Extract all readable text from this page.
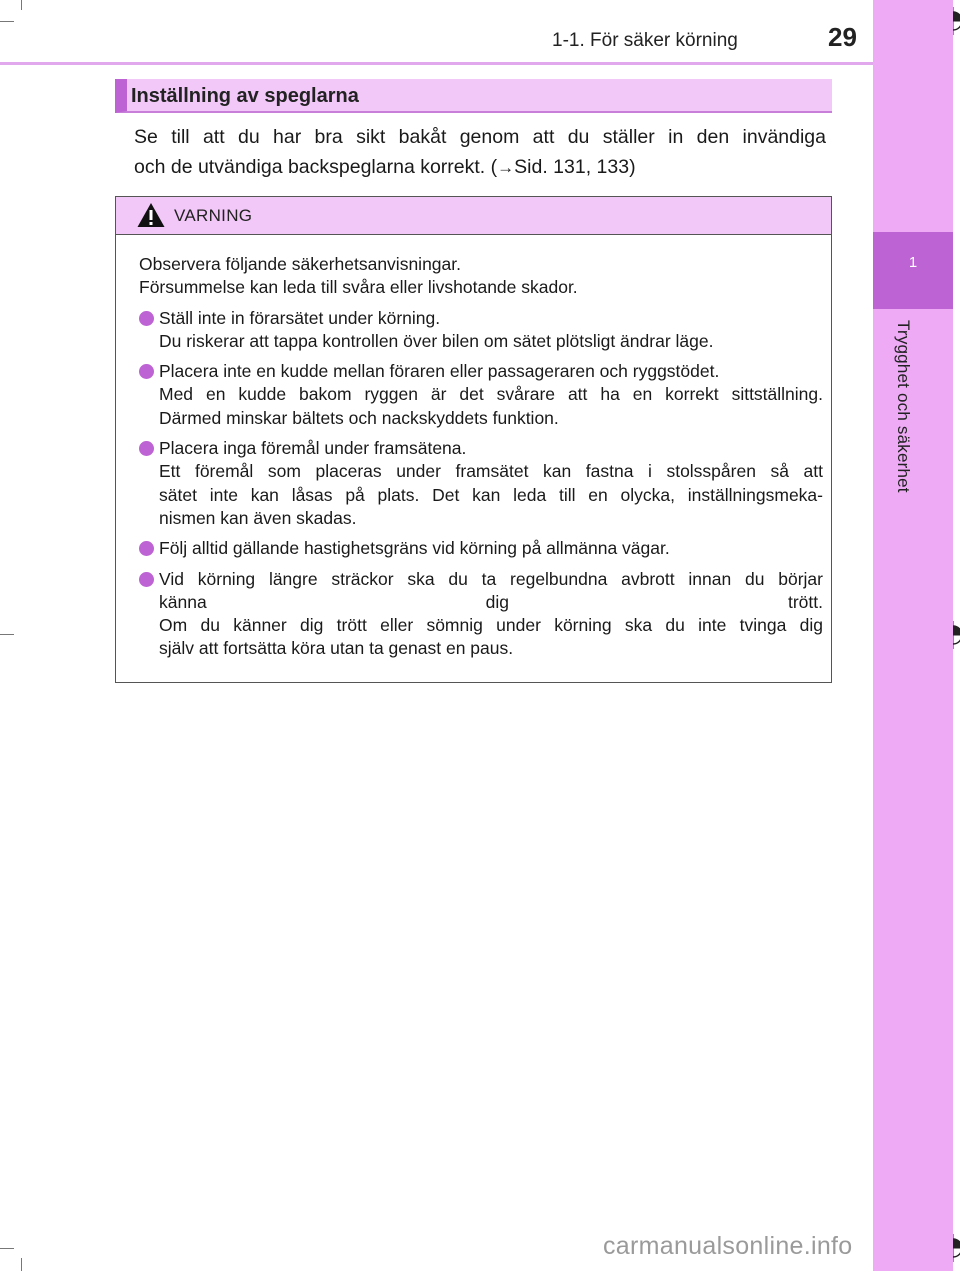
1
Trygghet och säkerhet
1-1. För säker körning	29
Inställning av speglarna
Se till att du har bra sikt bakåt genom att du ställer in den invändiga
och de utvändiga backspeglarna korrekt. (→Sid. 131, 133)
VARNING
Observera följande säkerhetsanvisningar.
Försummelse kan leda till svåra eller livshotande skador.
Ställ inte in förarsätet under körning.
Du riskerar att tappa kontrollen över bilen om sätet plötsligt ändrar läge.
Placera inte en kudde mellan föraren eller passageraren och ryggstödet.
Med en kudde bakom ryggen är det svårare att ha en korrekt sittställning.
Därmed minskar bältets och nackskyddets funktion.
Placera inga föremål under framsätena.
Ett föremål som placeras under framsätet kan fastna i stolsspåren så att
sätet inte kan låsas på plats. Det kan leda till en olycka, inställningsmeka-
nismen kan även skadas.
Följ alltid gällande hastighetsgräns vid körning på allmänna vägar.
Vid körning längre sträckor ska du ta regelbundna avbrott innan du börjar
känna dig trött.
Om du känner dig trött eller sömnig under körning ska du inte tvinga dig
själv att fortsätta köra utan ta genast en paus.
carmanualsonline.info
